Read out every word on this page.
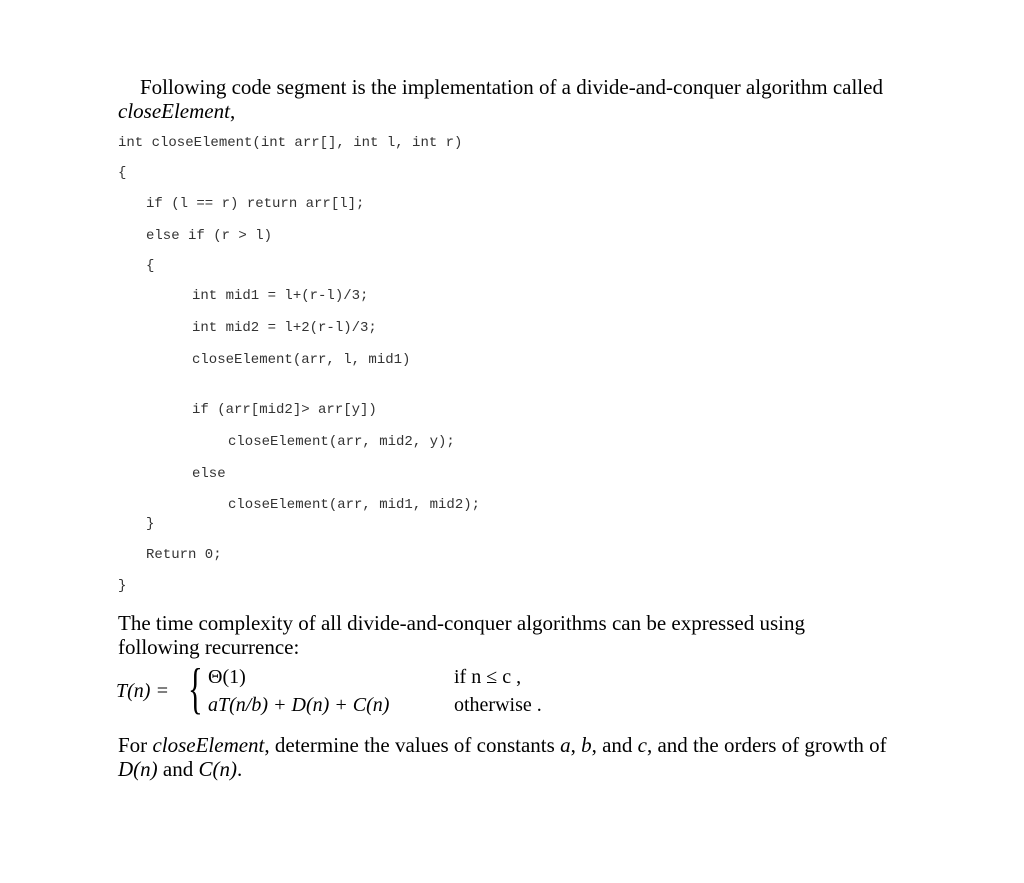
Following code segment is the implementation of a divide-and-conquer algorithm called
closeElement,
int closeElement(int arr[], int l, int r)
{
if (l == r) return arr[l];
else if (r > l)
{
int mid1 = l+(r-l)/3;
int mid2 = l+2(r-l)/3;
closeElement(arr, l, mid1)
if (arr[mid2]> arr[y])
closeElement(arr, mid2, y);
else
closeElement(arr, mid1, mid2);
}
Return 0;
}
The time complexity of all divide-and-conquer algorithms can be expressed using
following recurrence:
T(n) = { Θ(1)	if n ≤ c ,
aT(n/b) + D(n) + C(n)	otherwise .
For closeElement, determine the values of constants a, b, and c, and the orders of growth of
D(n) and C(n).
